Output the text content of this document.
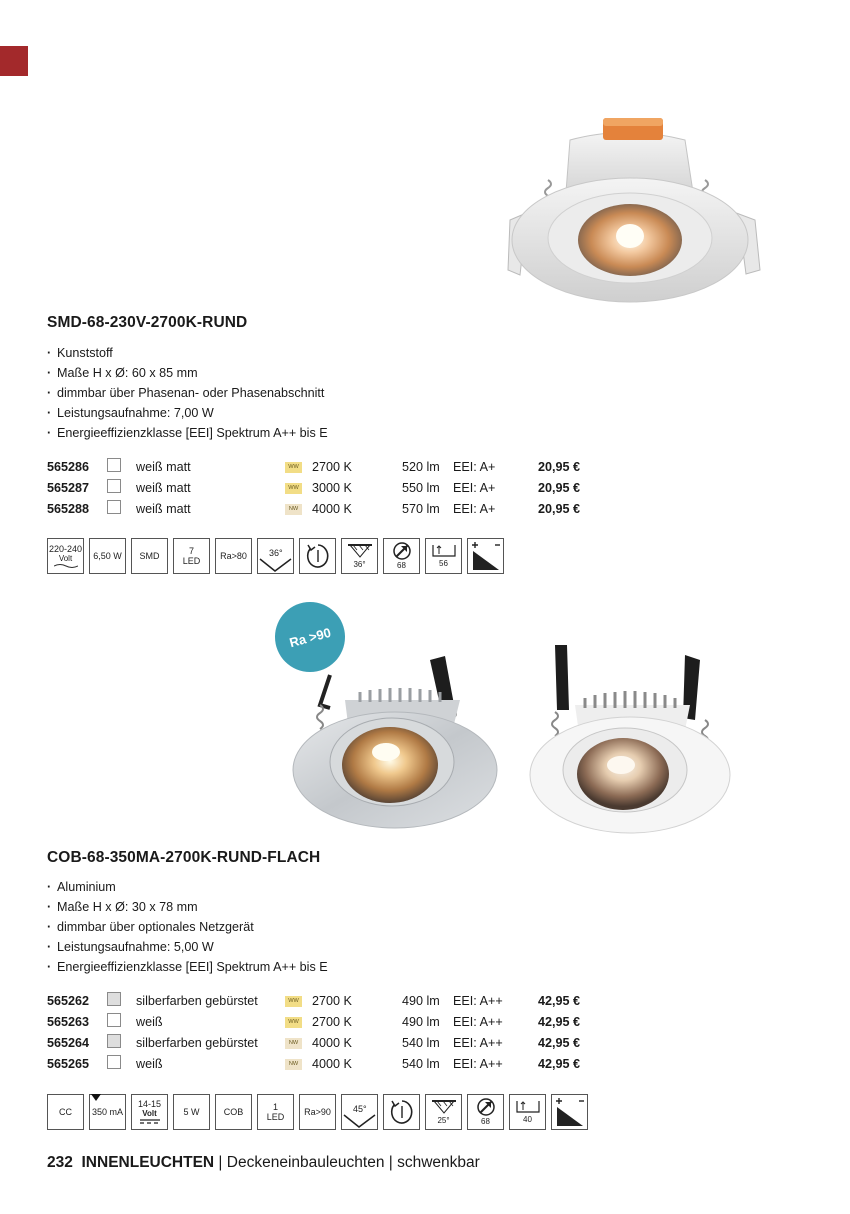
SMD-68-230V-2700K-RUND
· Kunststoff
· Maße H x Ø: 60 x 85 mm
· dimmbar über Phasenan- oder Phasenabschnitt
· Leistungsaufnahme: 7,00 W
· Energieeffizienzklasse [EEI] Spektrum A++ bis E
565286	weiß matt	WW 2700 K	520 lm EEI: A+	20,95 €
565287	weiß matt	WW 3000 K	550 lm EEI: A+	20,95 €
565288	weiß matt	NW	4000 K	570 lm EEI: A+	20,95 €
220-240
Volt 6,50 W SMD	7
LED Ra>80 36°
36°	68	56
Ra >90
COB-68-350MA-2700K-RUND-FLACH
· Aluminium
· Maße H x Ø: 30 x 78 mm
· dimmbar über optionales Netzgerät
· Leistungsaufnahme: 5,00 W
· Energieeffizienzklasse [EEI] Spektrum A++ bis E
565262	silberfarben gebürstet	WW 2700 K	490 lm EEI: A++	42,95 €
565263	weiß	WW 2700 K	490 lm EEI: A++	42,95 €
565264	silberfarben gebürstet	NW	4000 K	540 lm EEI: A++	42,95 €
565265	weiß	NW	4000 K	540 lm EEI: A++	42,95 €
CC 350 mA
14-15
Volt	5 W	COB	1
LED Ra>90 45°
25°	68	40
232 INNENLEUCHTEN | Deckeneinbauleuchten | schwenkbar
